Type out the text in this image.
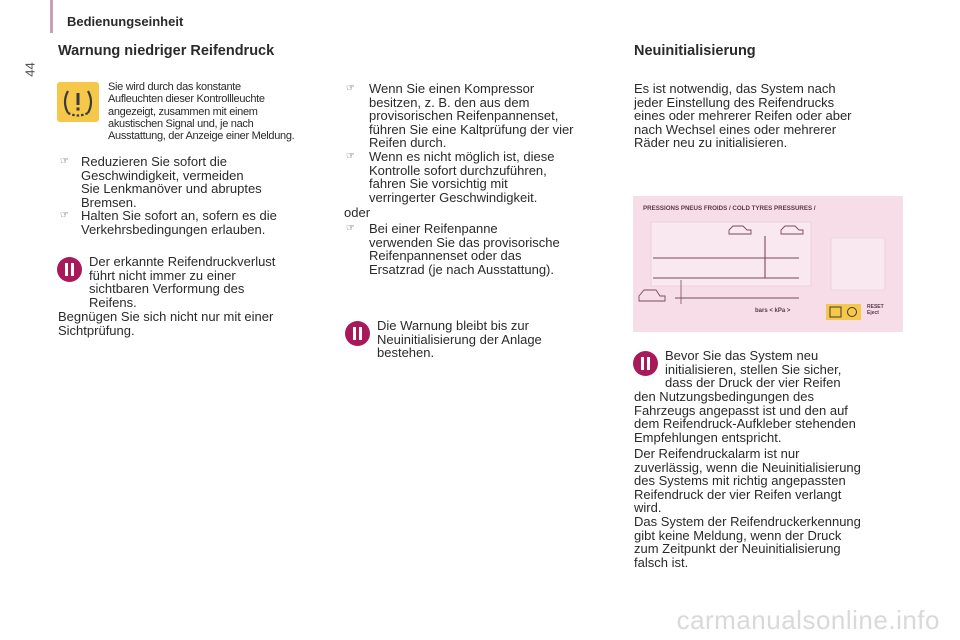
Bedienungseinheit
44
Warnung niedriger Reifendruck
Sie wird durch das konstante
Aufleuchten dieser Kontrollleuchte
angezeigt, zusammen mit einem
akustischen Signal und, je nach
Ausstattung, der Anzeige einer Meldung.
☞ Reduzieren Sie sofort die
Geschwindigkeit, vermeiden
Sie Lenkmanöver und abruptes
Bremsen.
☞ Halten Sie sofort an, sofern es die
Verkehrsbedingungen erlauben.
Der erkannte Reifendruckverlust
führt nicht immer zu einer
sichtbaren Verformung des
Reifens.
Begnügen Sie sich nicht nur mit einer
Sichtprüfung.
☞ Wenn Sie einen Kompressor
besitzen, z. B. den aus dem
provisorischen Reifenpannenset,
führen Sie eine Kaltprüfung der vier
Reifen durch.
☞ Wenn es nicht möglich ist, diese
Kontrolle sofort durchzuführen,
fahren Sie vorsichtig mit
verringerter Geschwindigkeit.
oder
☞ Bei einer Reifenpanne
verwenden Sie das provisorische
Reifenpannenset oder das
Ersatzrad (je nach Ausstattung).
Die Warnung bleibt bis zur
Neuinitialisierung der Anlage
bestehen.
Neuinitialisierung
Es ist notwendig, das System nach
jeder Einstellung des Reifendrucks
eines oder mehrerer Reifen oder aber
nach Wechsel eines oder mehrerer
Räder neu zu initialisieren.
PRESSIONS PNEUS FROIDS / COLD TYRES PRESSURES /
bars < kPa >
RESET
Eject
Bevor Sie das System neu
initialisieren, stellen Sie sicher,
dass der Druck der vier Reifen
den Nutzungsbedingungen des
Fahrzeugs angepasst ist und den auf
dem Reifendruck-Aufkleber stehenden
Empfehlungen entspricht.
Der Reifendruckalarm ist nur
zuverlässig, wenn die Neuinitialisierung
des Systems mit richtig angepassten
Reifendruck der vier Reifen verlangt
wird.
Das System der Reifendruckerkennung
gibt keine Meldung, wenn der Druck
zum Zeitpunkt der Neuinitialisierung
falsch ist.
carmanualsonline.info
